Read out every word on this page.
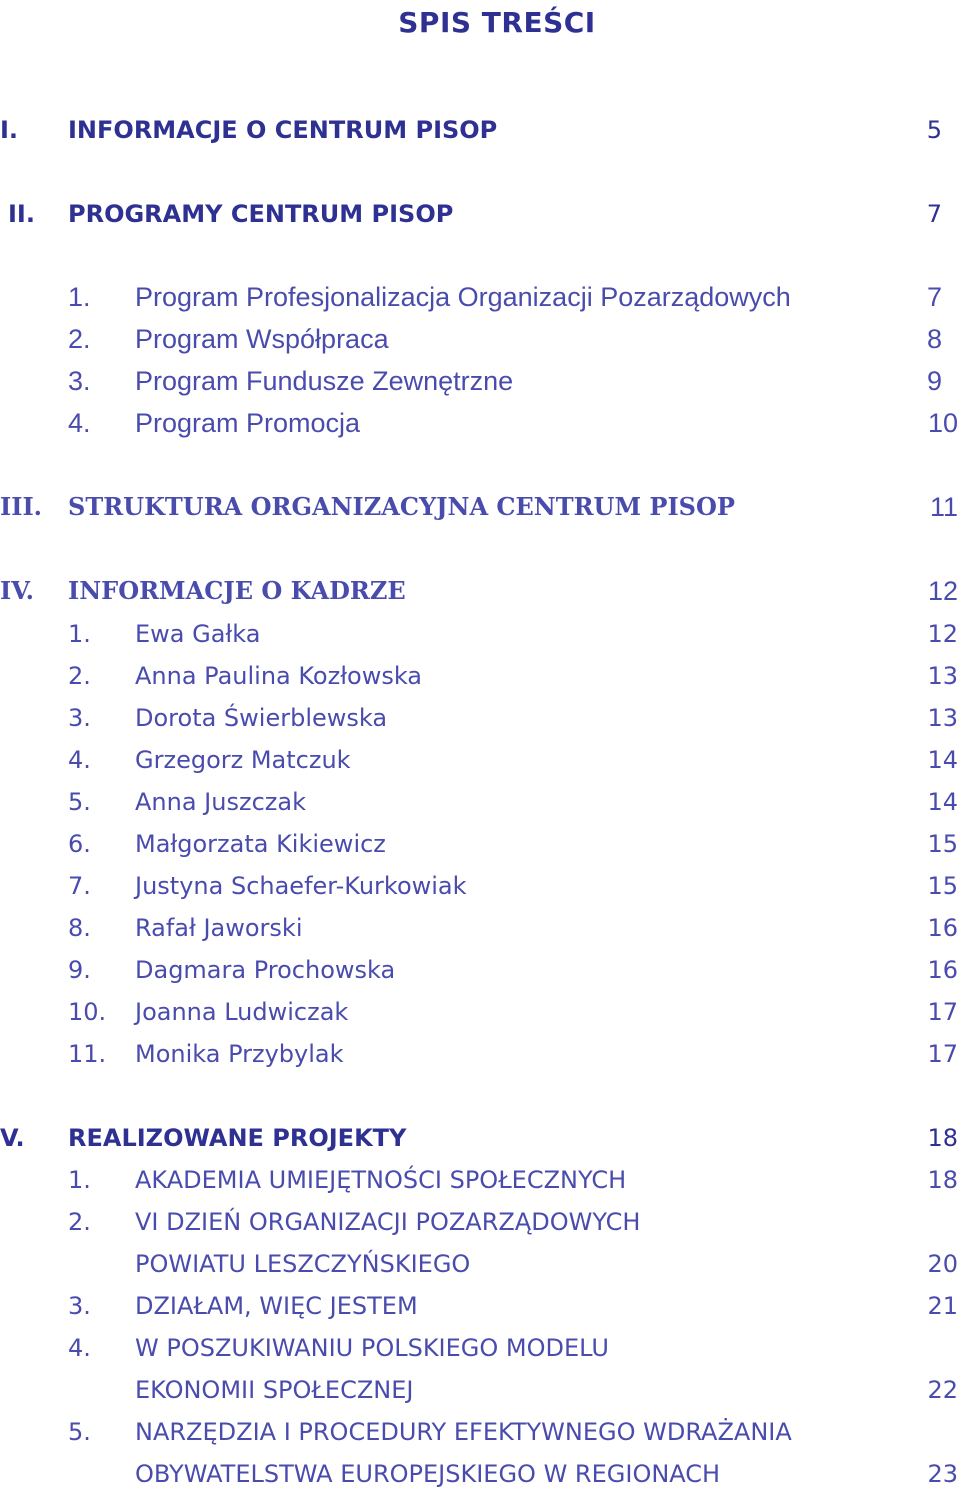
SPIS TREŚCI
I. INFORMACJE O CENTRUM PISOP	5
II. PROGRAMY CENTRUM PISOP	7
1. Program Profesjonalizacja Organizacji Pozarządowych	7
2. Program Współpraca	8
3. Program Fundusze Zewnętrzne	9
4. Program Promocja	10
III. STRUKTURA ORGANIZACYJNA CENTRUM PISOP	11
IV. INFORMACJE O KADRZE	12
1. Ewa Gałka	12
2. Anna Paulina Kozłowska	13
3. Dorota Świerblewska	13
4. Grzegorz Matczuk	14
5. Anna Juszczak	14
6. Małgorzata Kikiewicz	15
7. Justyna Schaefer-Kurkowiak	15
8. Rafał Jaworski	16
9. Dagmara Prochowska	16
10. Joanna Ludwiczak	17
11. Monika Przybylak	17
V. REALIZOWANE PROJEKTY	18
1. AKADEMIA UMIEJĘTNOŚCI SPOŁECZNYCH	18
2. VI DZIEŃ ORGANIZACJI POZARZĄDOWYCH
POWIATU LESZCZYŃSKIEGO	20
3. DZIAŁAM, WIĘC JESTEM	21
4. W POSZUKIWANIU POLSKIEGO MODELU
EKONOMII SPOŁECZNEJ	22
5. NARZĘDZIA I PROCEDURY EFEKTYWNEGO WDRAŻANIA
OBYWATELSTWA EUROPEJSKIEGO W REGIONACH	23
